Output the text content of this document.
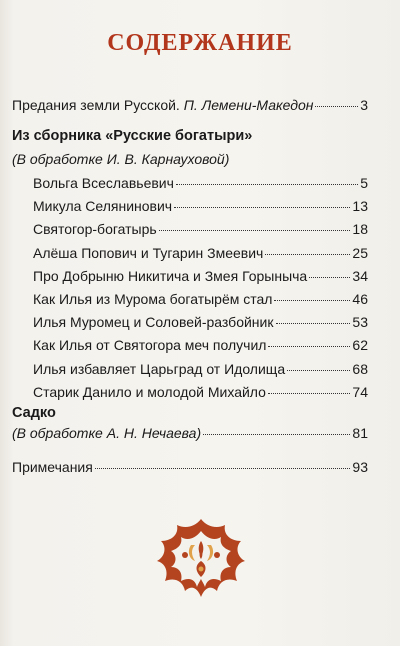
СОДЕРЖАНИЕ
Предания земли Русской. П. Лемени-Македон	3
Из сборника «Русские богатыри»
(В обработке И. В. Карнауховой)
Вольга Всеславьевич	5
Микула Селянинович	13
Святогор-богатырь	18
Алёша Попович и Тугарин Змеевич	25
Про Добрыню Никитича и Змея Горыныча	34
Как Илья из Мурома богатырём стал	46
Илья Муромец и Соловей-разбойник	53
Как Илья от Святогора меч получил	62
Илья избавляет Царьград от Идолища	68
Старик Данило и молодой Михайло	74
Садко
(В обработке А. Н. Нечаева)	81
Примечания	93
